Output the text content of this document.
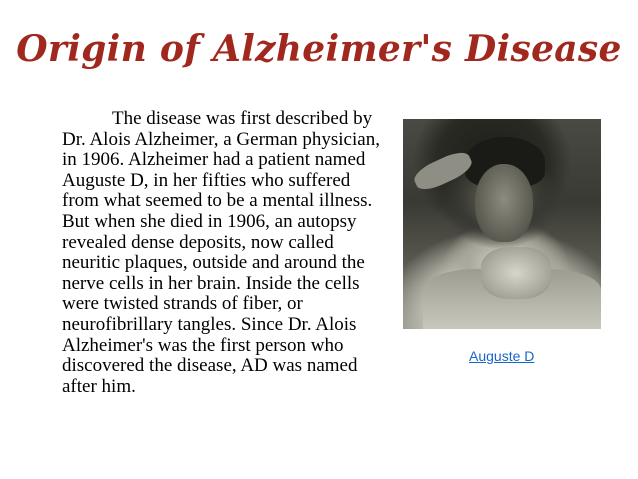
Origin of Alzheimer's Disease

The disease was first described by Dr. Alois Alzheimer, a German physician, in 1906. Alzheimer had a patient named Auguste D, in her fifties who suffered from what seemed to be a mental illness. But when she died in 1906, an autopsy revealed dense deposits, now called neuritic plaques, outside and around the nerve cells in her brain. Inside the cells were twisted strands of fiber, or neurofibrillary tangles. Since Dr. Alois Alzheimer's was the first person who discovered the disease, AD was named after him.

Auguste D
